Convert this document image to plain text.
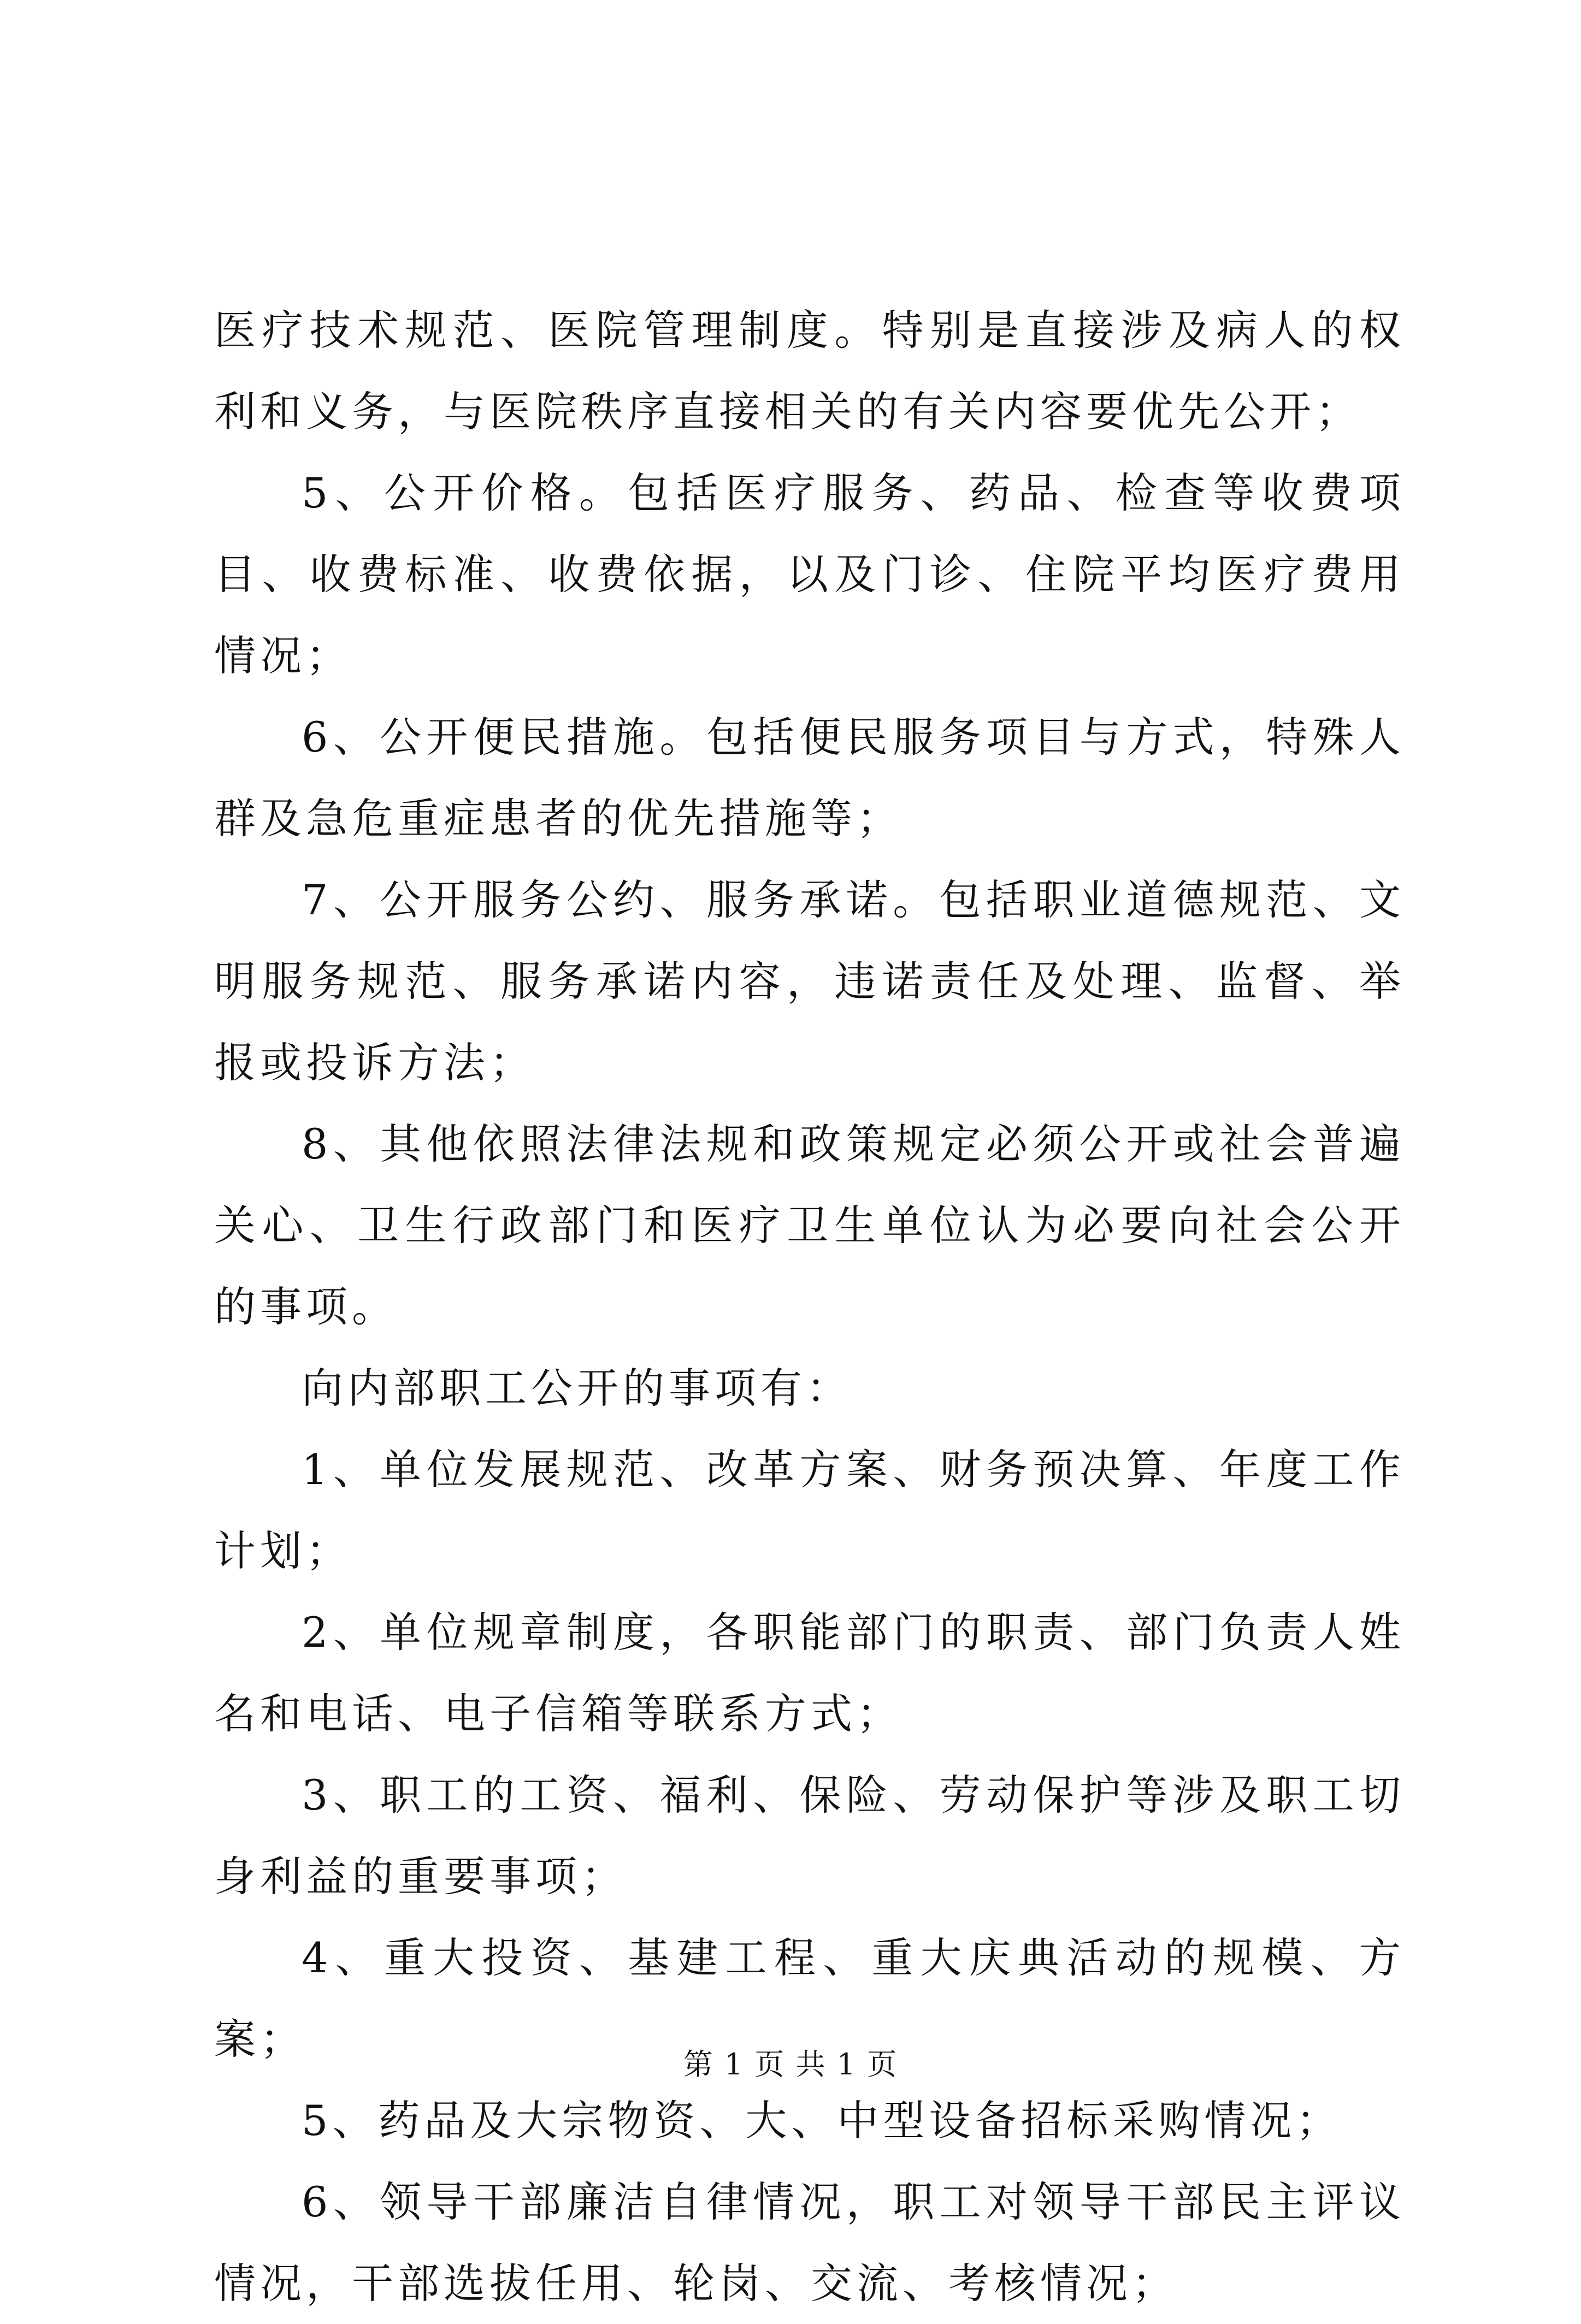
医疗技术规范、医院管理制度。特别是直接涉及病人的权利和义务，与医院秩序直接相关的有关内容要优先公开；

5、公开价格。包括医疗服务、药品、检查等收费项目、收费标准、收费依据，以及门诊、住院平均医疗费用情况；

6、公开便民措施。包括便民服务项目与方式，特殊人群及急危重症患者的优先措施等；

7、公开服务公约、服务承诺。包括职业道德规范、文明服务规范、服务承诺内容，违诺责任及处理、监督、举报或投诉方法；

8、其他依照法律法规和政策规定必须公开或社会普遍关心、卫生行政部门和医疗卫生单位认为必要向社会公开的事项。

向内部职工公开的事项有：

1、单位发展规范、改革方案、财务预决算、年度工作计划；

2、单位规章制度，各职能部门的职责、部门负责人姓名和电话、电子信箱等联系方式；

3、职工的工资、福利、保险、劳动保护等涉及职工切身利益的重要事项；

4、重大投资、基建工程、重大庆典活动的规模、方案；

5、药品及大宗物资、大、中型设备招标采购情况；

6、领导干部廉洁自律情况，职工对领导干部民主评议情况，干部选拔任用、轮岗、交流、考核情况；

第 1 页 共 1 页
